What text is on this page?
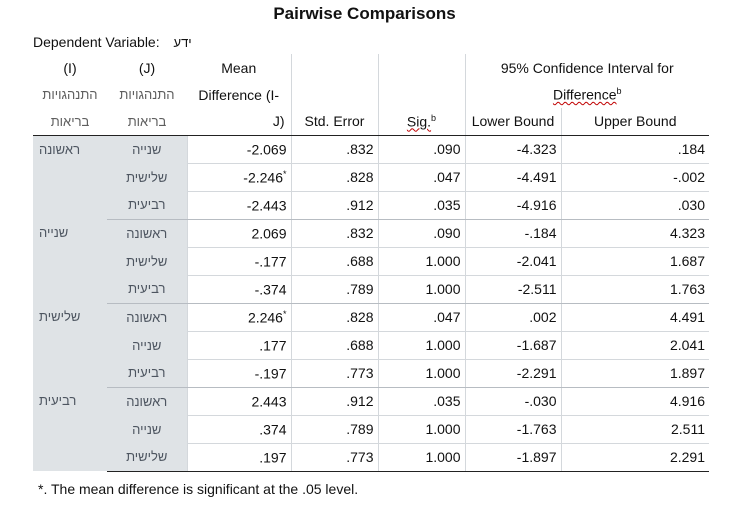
Pairwise Comparisons
Dependent Variable: ידע
(I)	(J)	Mean			95% Confidence Interval for	
התנהגויות	התנהגויות	Difference (I-			Difference$^b$
בריאות	בריאות	J)	Std. Error	Sig.$^b$	Lower Bound	Upper Bound
ראשונה	שנייה	-2.069	.832	.090	-4.323	.184
	שלישית	-2.246*	.828	.047	-4.491	-.002
	רביעית	-2.443	.912	.035	-4.916	.030
שנייה	ראשונה	2.069	.832	.090	-.184	4.323
	שלישית	-.177	.688	1.000	-2.041	1.687
	רביעית	-.374	.789	1.000	-2.511	1.763
שלישית	ראשונה	2.246*	.828	.047	.002	4.491
	שנייה	.177	.688	1.000	-1.687	2.041
	רביעית	-.197	.773	1.000	-2.291	1.897
רביעית	ראשונה	2.443	.912	.035	-.030	4.916
	שנייה	.374	.789	1.000	-1.763	2.511
	שלישית	.197	.773	1.000	-1.897	2.291
*. The mean difference is significant at the .05 level.
